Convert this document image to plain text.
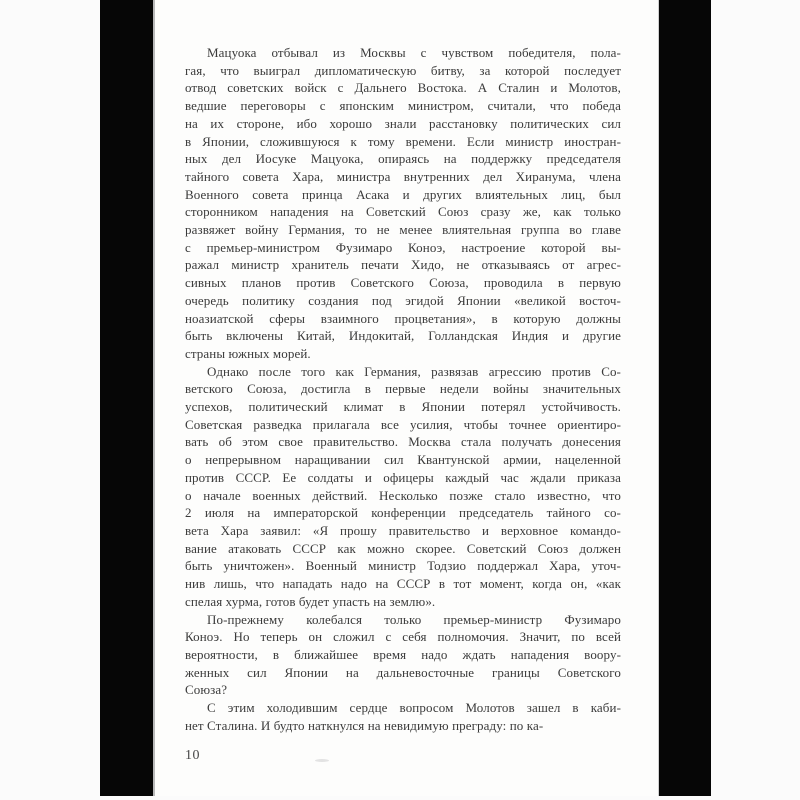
Мацуока отбывал из Москвы с чувством победителя, пола-
гая, что выиграл дипломатическую битву, за которой последует
отвод советских войск с Дальнего Востока. А Сталин и Молотов,
ведшие переговоры с японским министром, считали, что победа
на их стороне, ибо хорошо знали расстановку политических сил
в Японии, сложившуюся к тому времени. Если министр иностран-
ных дел Иосуке Мацуока, опираясь на поддержку председателя
тайного совета Хара, министра внутренних дел Хиранума, члена
Военного совета принца Асака и других влиятельных лиц, был
сторонником нападения на Советский Союз сразу же, как только
развяжет войну Германия, то не менее влиятельная группа во главе
с премьер-министром Фузимаро Коноэ, настроение которой вы-
ражал министр хранитель печати Хидо, не отказываясь от агрес-
сивных планов против Советского Союза, проводила в первую
очередь политику создания под эгидой Японии «великой восточ-
ноазиатской сферы взаимного процветания», в которую должны
быть включены Китай, Индокитай, Голландская Индия и другие
страны южных морей.
Однако после того как Германия, развязав агрессию против Со-
ветского Союза, достигла в первые недели войны значительных
успехов, политический климат в Японии потерял устойчивость.
Советская разведка прилагала все усилия, чтобы точнее ориентиро-
вать об этом свое правительство. Москва стала получать донесения
о непрерывном наращивании сил Квантунской армии, нацеленной
против СССР. Ее солдаты и офицеры каждый час ждали приказа
о начале военных действий. Несколько позже стало известно, что
2 июля на императорской конференции председатель тайного со-
вета Хара заявил: «Я прошу правительство и верховное командо-
вание атаковать СССР как можно скорее. Советский Союз должен
быть уничтожен». Военный министр Тодзио поддержал Хара, уточ-
нив лишь, что нападать надо на СССР в тот момент, когда он, «как
спелая хурма, готов будет упасть на землю».
По-прежнему колебался только премьер-министр Фузимаро
Коноэ. Но теперь он сложил с себя полномочия. Значит, по всей
вероятности, в ближайшее время надо ждать нападения воору-
женных сил Японии на дальневосточные границы Советского
Союза?
С этим холодившим сердце вопросом Молотов зашел в каби-
нет Сталина. И будто наткнулся на невидимую преграду: по ка-
10
